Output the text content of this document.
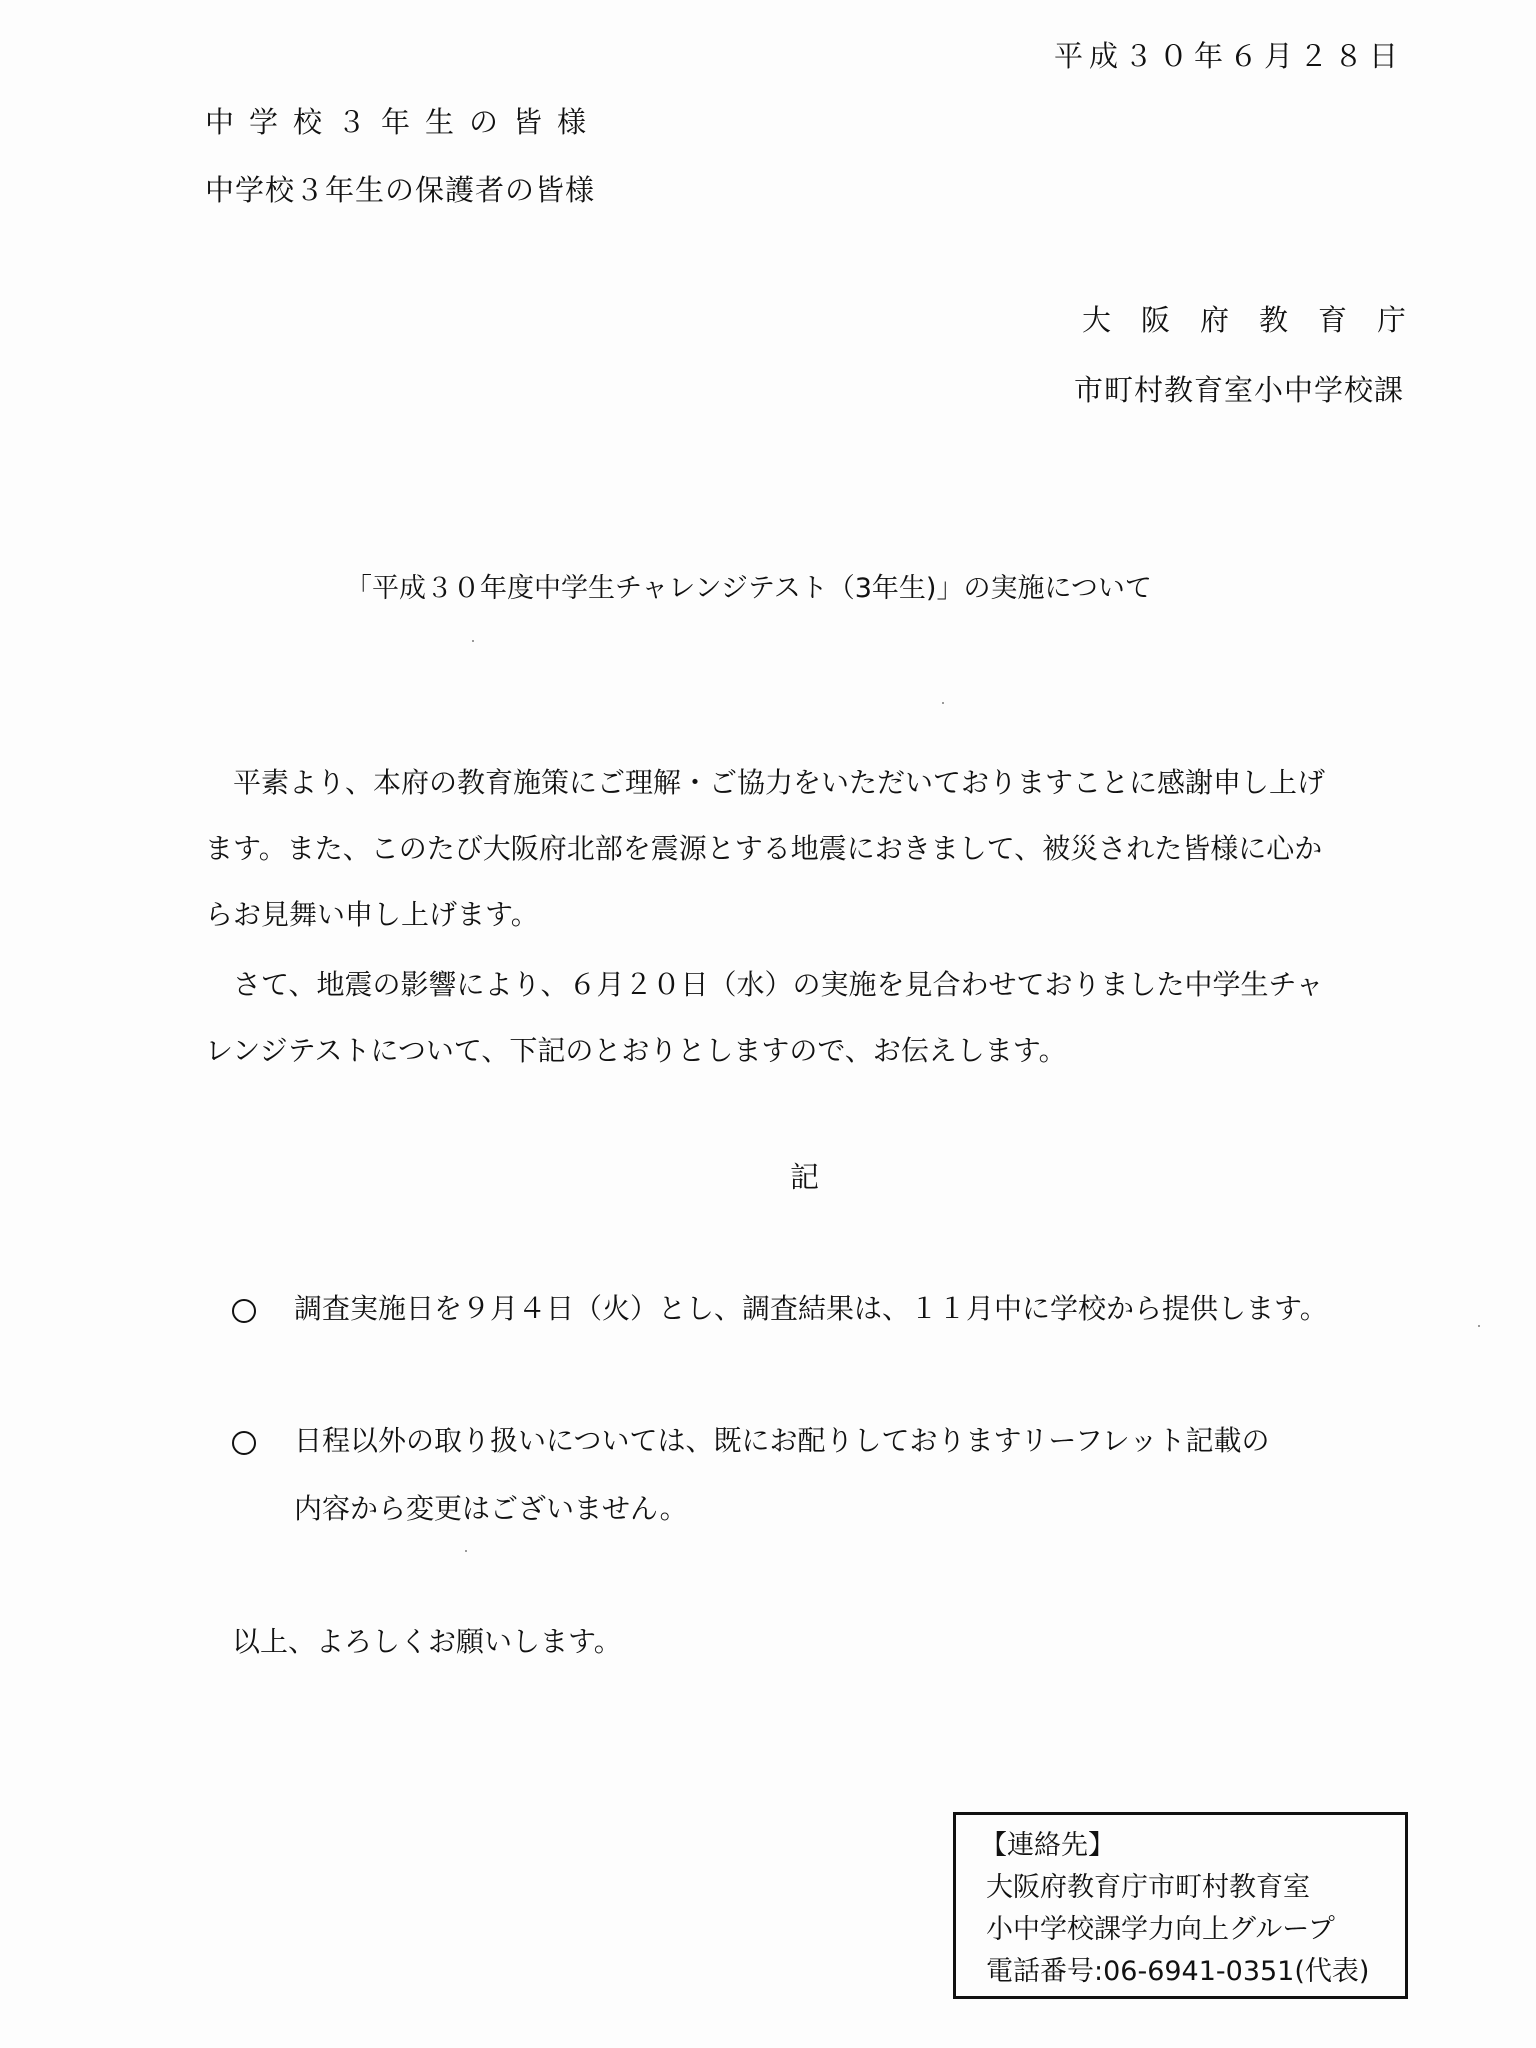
平成３０年６月２８日
中学校３年生の皆様
中学校３年生の保護者の皆様
大阪府教育庁
市町村教育室小中学校課
「平成３０年度中学生チャレンジテスト（3年生)」の実施について
平素より、本府の教育施策にご理解・ご協力をいただいておりますことに感謝申し上げ
ます。また、このたび大阪府北部を震源とする地震におきまして、被災された皆様に心か
らお見舞い申し上げます。
さて、地震の影響により、６月２０日（水）の実施を見合わせておりました中学生チャ
レンジテストについて、下記のとおりとしますので、お伝えします。
記
調査実施日を９月４日（火）とし、調査結果は、１１月中に学校から提供します。
日程以外の取り扱いについては、既にお配りしておりますリーフレット記載の
内容から変更はございません。
以上、よろしくお願いします。
【連絡先】
大阪府教育庁市町村教育室
小中学校課学力向上グループ
電話番号:06-6941-0351(代表)
